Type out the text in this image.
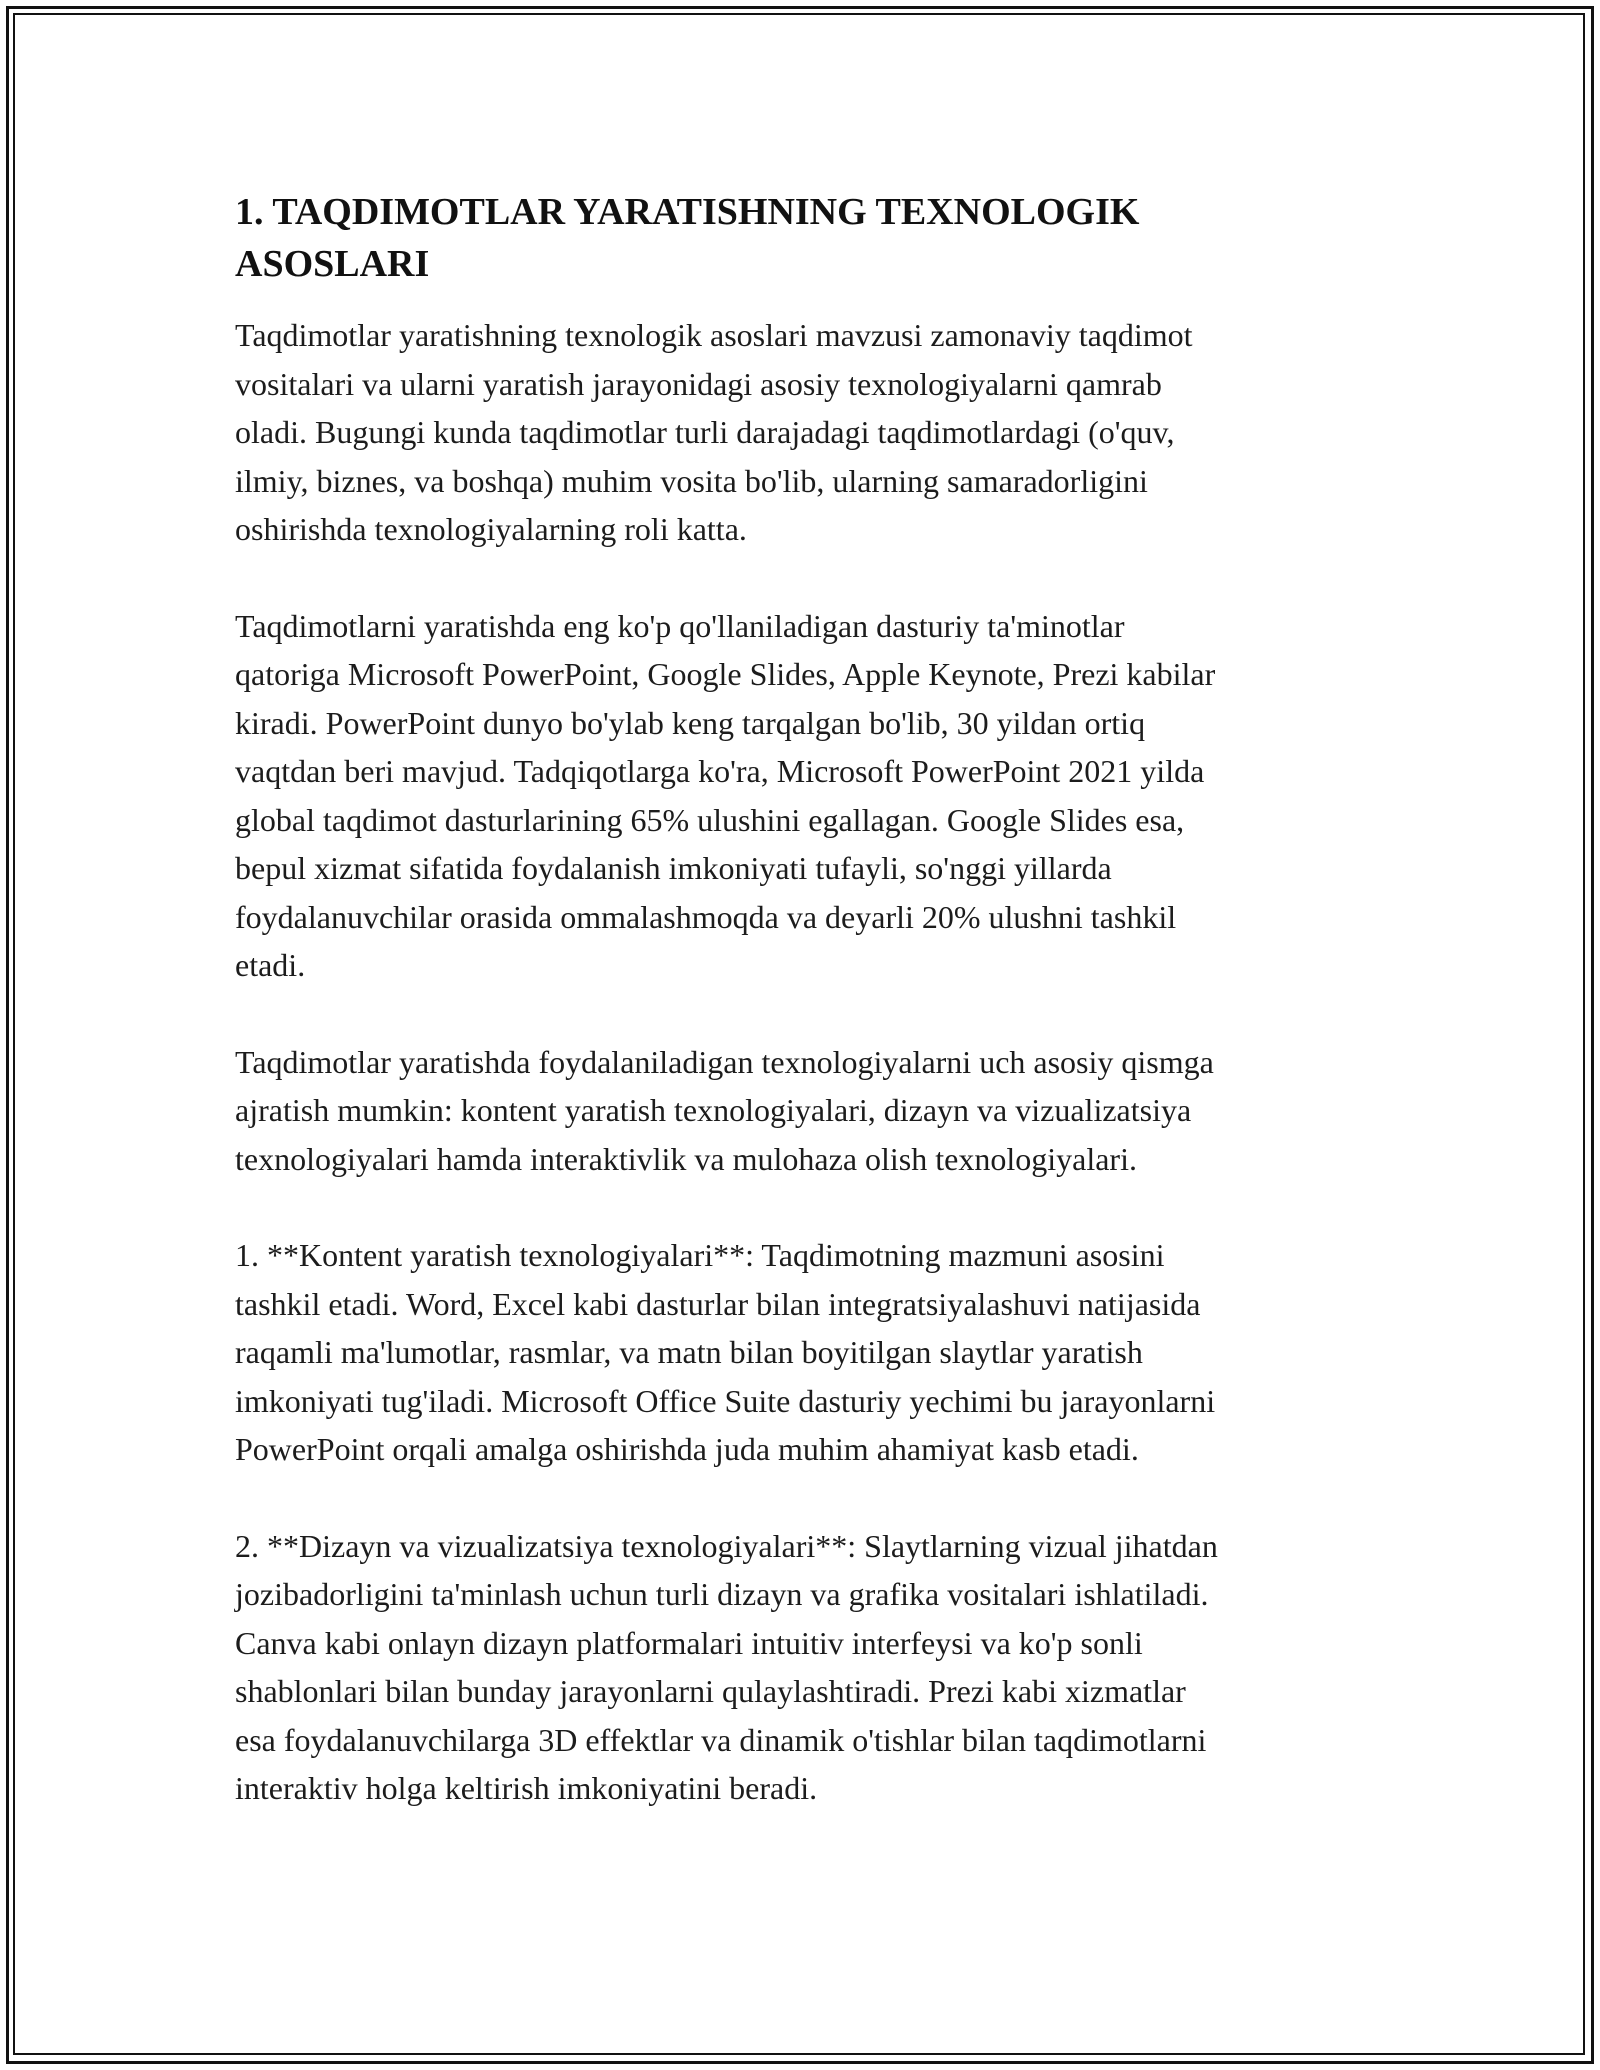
1. TAQDIMOTLAR YARATISHNING TEXNOLOGIK
ASOSLARI

Taqdimotlar yaratishning texnologik asoslari mavzusi zamonaviy taqdimot
vositalari va ularni yaratish jarayonidagi asosiy texnologiyalarni qamrab
oladi. Bugungi kunda taqdimotlar turli darajadagi taqdimotlardagi (o'quv,
ilmiy, biznes, va boshqa) muhim vosita bo'lib, ularning samaradorligini
oshirishda texnologiyalarning roli katta.

Taqdimotlarni yaratishda eng ko'p qo'llaniladigan dasturiy ta'minotlar
qatoriga Microsoft PowerPoint, Google Slides, Apple Keynote, Prezi kabilar
kiradi. PowerPoint dunyo bo'ylab keng tarqalgan bo'lib, 30 yildan ortiq
vaqtdan beri mavjud. Tadqiqotlarga ko'ra, Microsoft PowerPoint 2021 yilda
global taqdimot dasturlarining 65% ulushini egallagan. Google Slides esa,
bepul xizmat sifatida foydalanish imkoniyati tufayli, so'nggi yillarda
foydalanuvchilar orasida ommalashmoqda va deyarli 20% ulushni tashkil
etadi.

Taqdimotlar yaratishda foydalaniladigan texnologiyalarni uch asosiy qismga
ajratish mumkin: kontent yaratish texnologiyalari, dizayn va vizualizatsiya
texnologiyalari hamda interaktivlik va mulohaza olish texnologiyalari.

1. **Kontent yaratish texnologiyalari**: Taqdimotning mazmuni asosini
tashkil etadi. Word, Excel kabi dasturlar bilan integratsiyalashuvi natijasida
raqamli ma'lumotlar, rasmlar, va matn bilan boyitilgan slaytlar yaratish
imkoniyati tug'iladi. Microsoft Office Suite dasturiy yechimi bu jarayonlarni
PowerPoint orqali amalga oshirishda juda muhim ahamiyat kasb etadi.

2. **Dizayn va vizualizatsiya texnologiyalari**: Slaytlarning vizual jihatdan
jozibadorligini ta'minlash uchun turli dizayn va grafika vositalari ishlatiladi.
Canva kabi onlayn dizayn platformalari intuitiv interfeysi va ko'p sonli
shablonlari bilan bunday jarayonlarni qulaylashtiradi. Prezi kabi xizmatlar
esa foydalanuvchilarga 3D effektlar va dinamik o'tishlar bilan taqdimotlarni
interaktiv holga keltirish imkoniyatini beradi.
